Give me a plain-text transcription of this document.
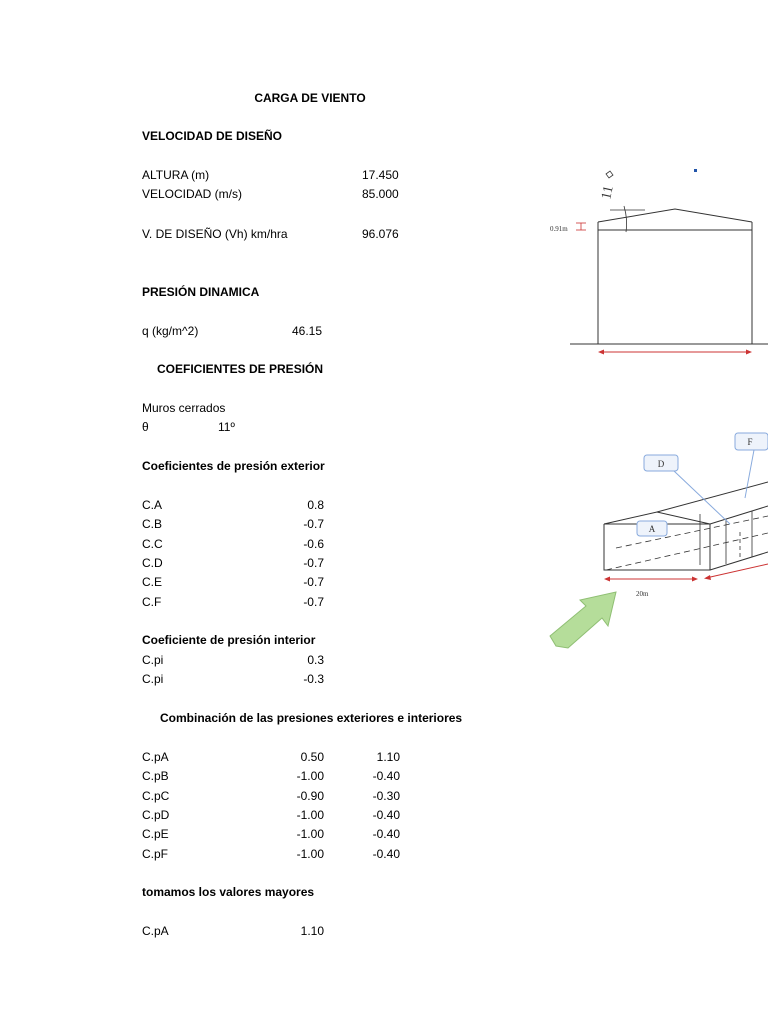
CARGA DE VIENTO
VELOCIDAD DE DISEÑO
ALTURA (m)	17.450
VELOCIDAD (m/s)	85.000
V. DE DISEÑO (Vh) km/hra	96.076
PRESIÓN DINAMICA
q (kg/m^2)	46.15
COEFICIENTES DE PRESIÓN
Muros cerrados
θ	11º
Coeficientes de presión exterior
C.A	0.8
C.B	-0.7
C.C	-0.6
C.D	-0.7
C.E	-0.7
C.F	-0.7
Coeficiente de presión interior
C.pi	0.3
C.pi	-0.3
Combinación de las presiones exteriores e interiores
C.pA	0.50	1.10
C.pB	-1.00	-0.40
C.pC	-0.90	-0.30
C.pD	-1.00	-0.40
C.pE	-1.00	-0.40
C.pF	-1.00	-0.40
tomamos los valores mayores
C.pA	1.10
11
0.91m
A
D
F
20m
